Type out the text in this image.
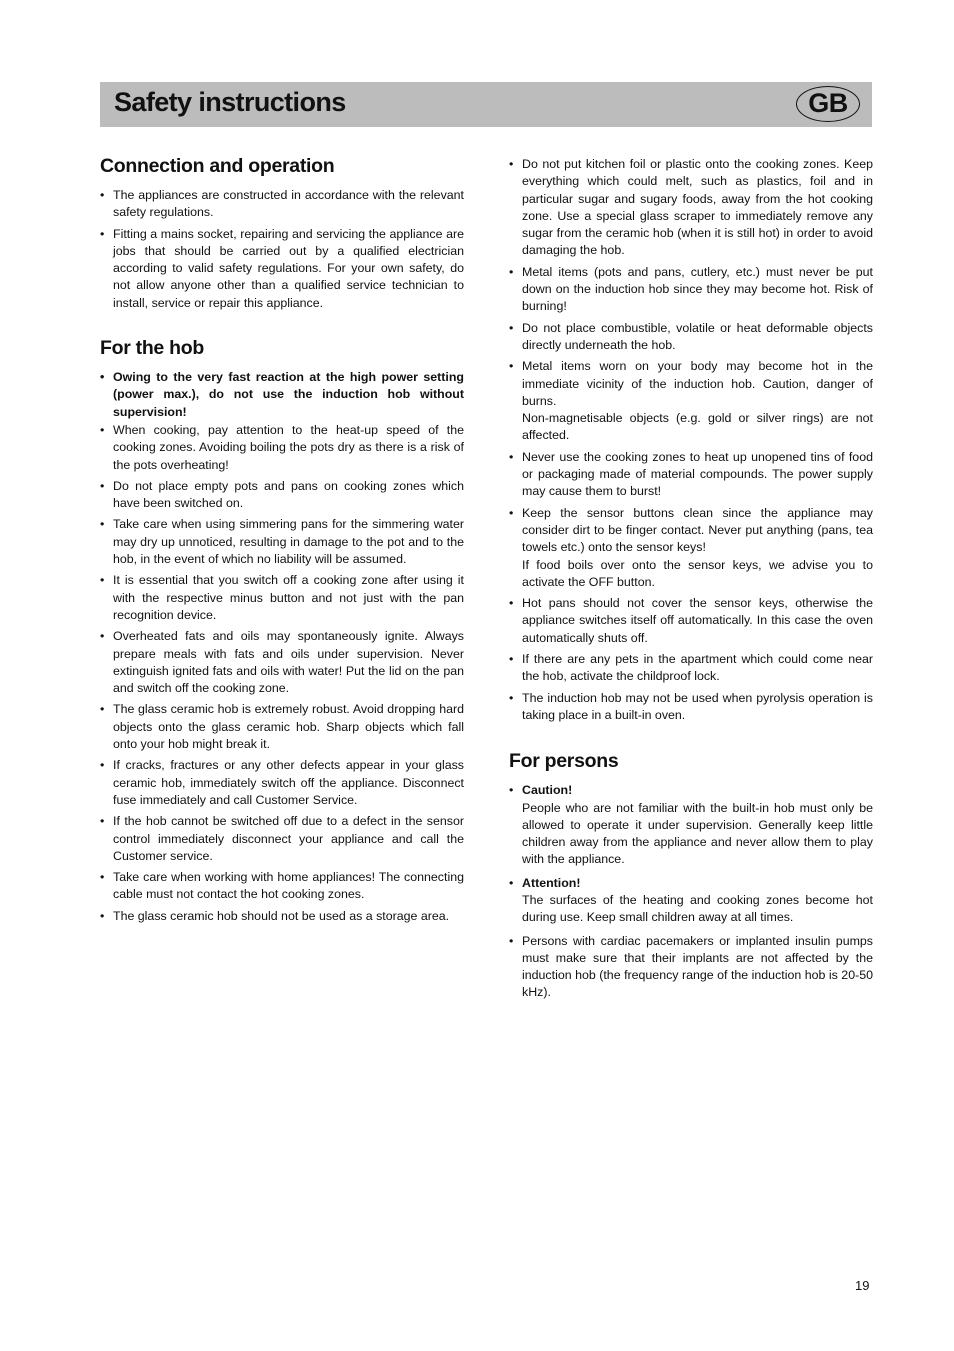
Safety instructions	GB
Connection and operation
• The appliances are constructed in accordance with the relevant safety regulations.
• Fitting a mains socket, repairing and servicing the appliance are jobs that should be carried out by a qualified electrician according to valid safety regulations. For your own safety, do not allow anyone other than a qualified service technician to install, service or repair this appliance.
For the hob
• Owing to the very fast reaction at the high power setting (power max.), do not use the induction hob without supervision!
• When cooking, pay attention to the heat-up speed of the cooking zones. Avoiding boiling the pots dry as there is a risk of the pots overheating!
• Do not place empty pots and pans on cooking zones which have been switched on.
• Take care when using simmering pans for the simmering water may dry up unnoticed, resulting in damage to the pot and to the hob, in the event of which no liability will be assumed.
• It is essential that you switch off a cooking zone after using it with the respective minus button and not just with the pan recognition device.
• Overheated fats and oils may spontaneously ignite. Always prepare meals with fats and oils under supervision. Never extinguish ignited fats and oils with water! Put the lid on the pan and switch off the cooking zone.
• The glass ceramic hob is extremely robust. Avoid dropping hard objects onto the glass ceramic hob. Sharp objects which fall onto your hob might break it.
• If cracks, fractures or any other defects appear in your glass ceramic hob, immediately switch off the appliance. Disconnect fuse immediately and call Customer Service.
• If the hob cannot be switched off due to a defect in the sensor control immediately disconnect your appliance and call the Customer service.
• Take care when working with home appliances! The connecting cable must not contact the hot cooking zones.
• The glass ceramic hob should not be used as a storage area.
• Do not put kitchen foil or plastic onto the cooking zones. Keep everything which could melt, such as plastics, foil and in particular sugar and sugary foods, away from the hot cooking zone. Use a special glass scraper to immediately remove any sugar from the ceramic hob (when it is still hot) in order to avoid damaging the hob.
• Metal items (pots and pans, cutlery, etc.) must never be put down on the induction hob since they may become hot. Risk of burning!
• Do not place combustible, volatile or heat deformable objects directly underneath the hob.
• Metal items worn on your body may become hot in the immediate vicinity of the induction hob. Caution, danger of burns.
Non-magnetisable objects (e.g. gold or silver rings) are not affected.
• Never use the cooking zones to heat up unopened tins of food or packaging made of material compounds. The power supply may cause them to burst!
• Keep the sensor buttons clean since the appliance may consider dirt to be finger contact. Never put anything (pans, tea towels etc.) onto the sensor keys!
If food boils over onto the sensor keys, we advise you to activate the OFF button.
• Hot pans should not cover the sensor keys, otherwise the appliance switches itself off automatically. In this case the oven automatically shuts off.
• If there are any pets in the apartment which could come near the hob, activate the childproof lock.
• The induction hob may not be used when pyrolysis operation is taking place in a built-in oven.
For persons
• Caution!
People who are not familiar with the built-in hob must only be allowed to operate it under supervision. Generally keep little children away from the appliance and never allow them to play with the appliance.
• Attention!
The surfaces of the heating and cooking zones become hot during use. Keep small children away at all times.
• Persons with cardiac pacemakers or implanted insulin pumps must make sure that their implants are not affected by the induction hob (the frequency range of the induction hob is 20-50 kHz).
19
